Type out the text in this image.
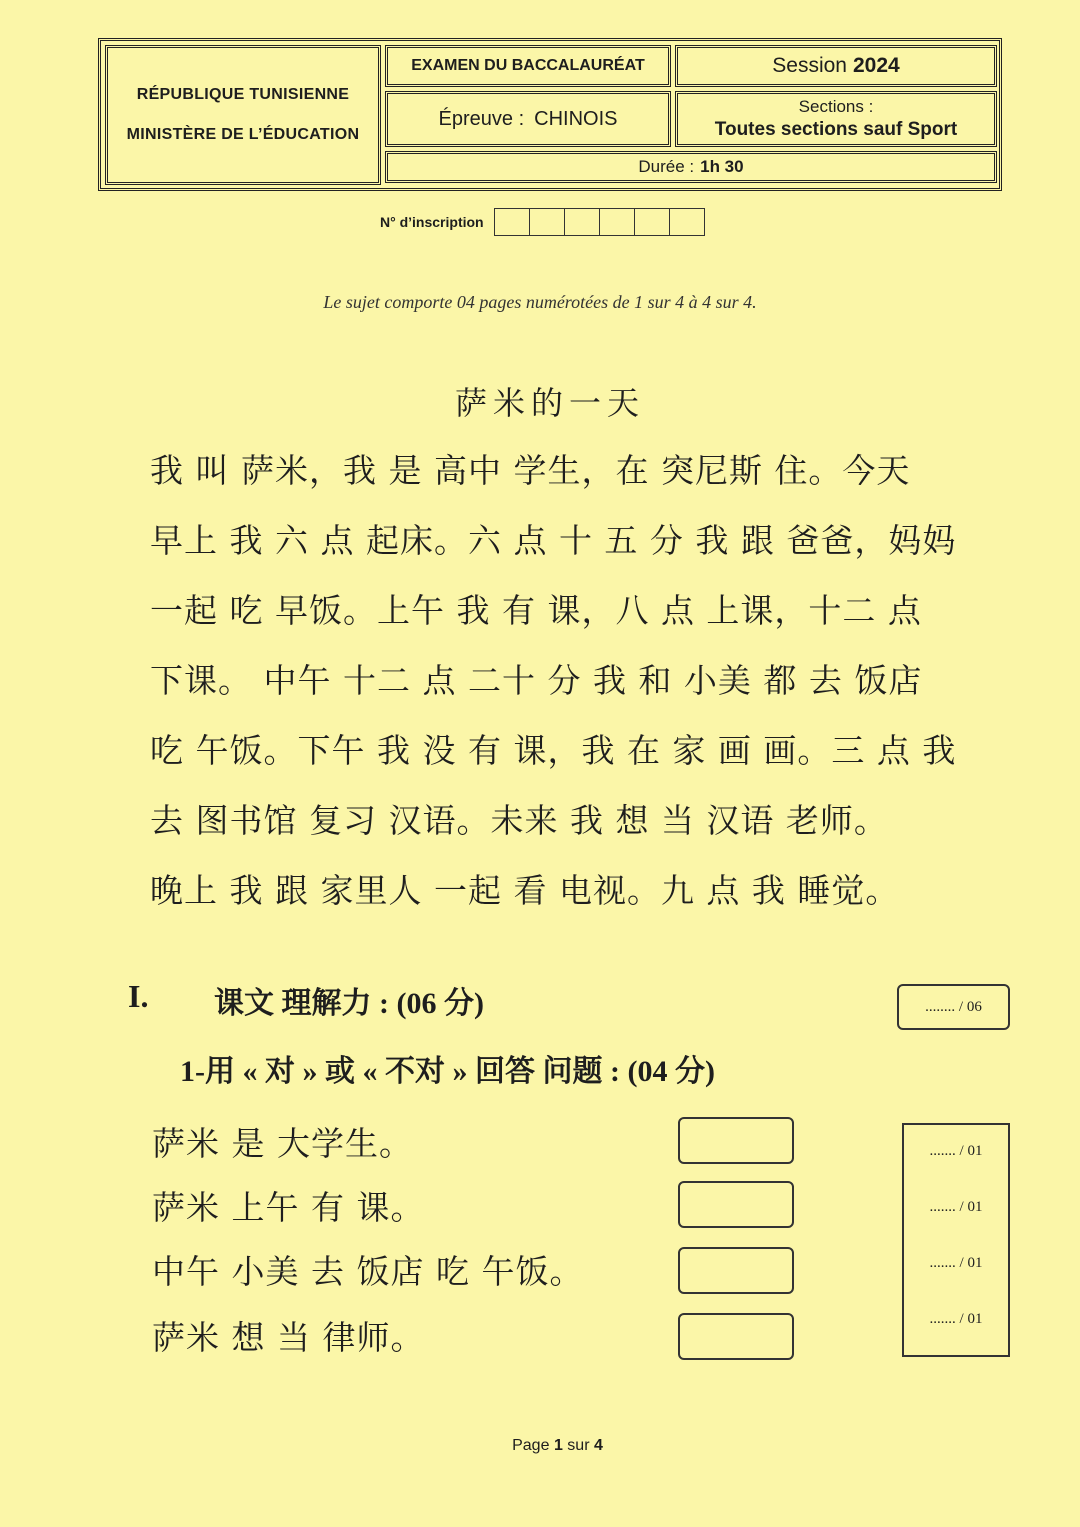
RÉPUBLIQUE TUNISIENNE
MINISTÈRE DE L’ÉDUCATION
EXAMEN DU BACCALAURÉAT	Session 2024
Épreuve : CHINOIS
Sections :
Toutes sections sauf Sport
Durée : 1h 30
N° d’inscription
Le sujet comporte 04 pages numérotées de 1 sur 4 à 4 sur 4.
萨米的一天
我 叫 萨米，我 是 高中 学生，在 突尼斯 住。今天
早上 我 六 点 起床。六 点 十 五 分 我 跟 爸爸，妈妈
一起 吃 早饭。上午 我 有 课，八 点 上课，十二 点
下课。 中午 十二 点 二十 分 我 和 小美 都 去 饭店
吃 午饭。下午 我 没 有 课，我 在 家 画 画。三 点 我
去 图书馆 复习 汉语。未来 我 想 当 汉语 老师。
晚上 我 跟 家里人 一起 看 电视。九 点 我 睡觉。
I. 课文 理解力 : (06 分)	........ / 06
1-用 « 对 » 或 « 不对 » 回答 问题 : (04 分)
萨米 是 大学生。
萨米 上午 有 课。
中午 小美 去 饭店 吃 午饭。
萨米 想 当 律师。
....... / 01
....... / 01
....... / 01
....... / 01
Page 1 sur 4
